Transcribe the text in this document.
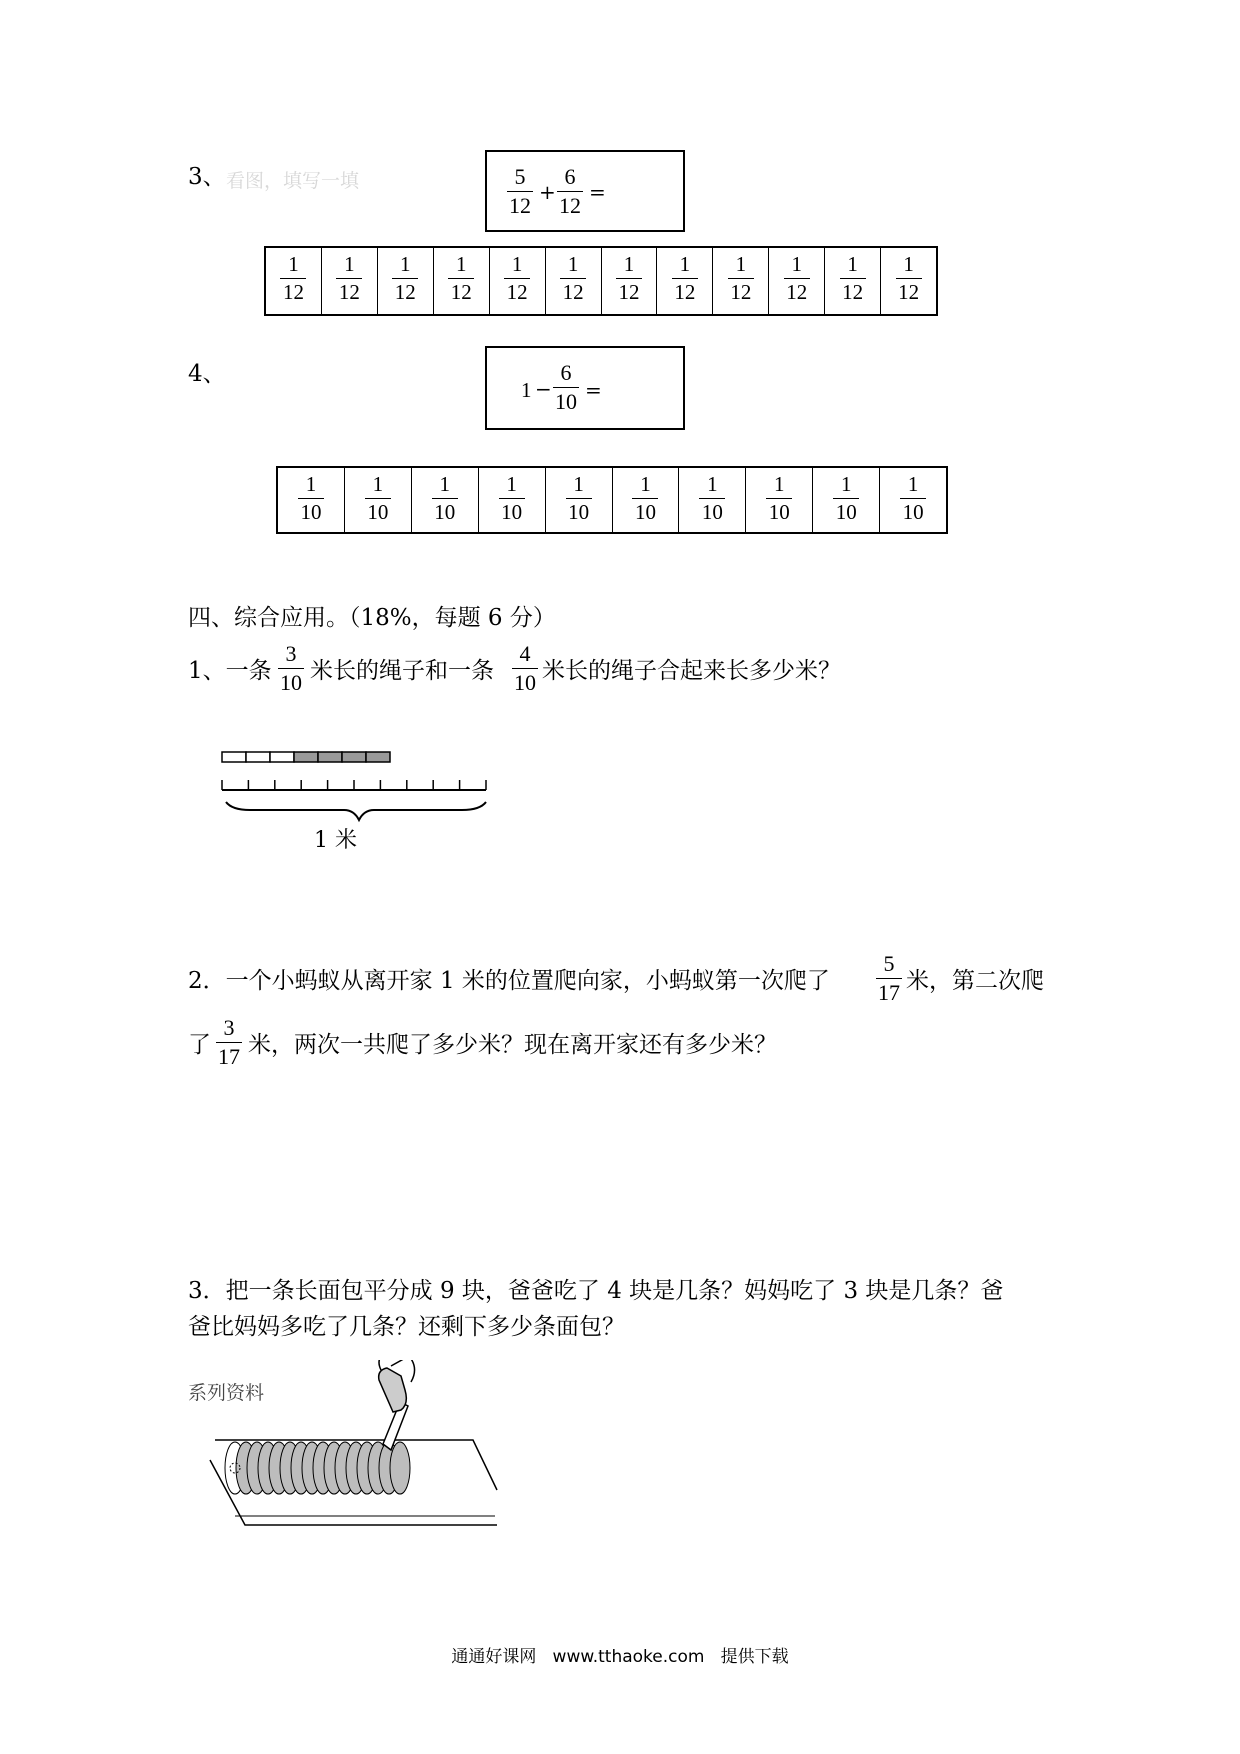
3、 看图，填写一填	5
12
+
6
12
=
1
12
1
12
1
12
1
12
1
12
1
12
1
12
1
12
1
12
1
12
1
12
1
12
4、
1 −
6
10 =
1
10
1
10
1
10
1
10
1
10
1
10
1
10
1
10
1
10
1
10
四、综合应用。（18%，每题 6 分）
1、一条
3
10 米长的绳子和一条
4
10 米长的绳子合起来长多少米？
1 米
2．一个小蚂蚁从离开家 1 米的位置爬向家，小蚂蚁第一次爬了
5
17 米，第二次爬
了
3
17 米，两次一共爬了多少米？现在离开家还有多少米？
3．把一条长面包平分成 9 块，爸爸吃了 4 块是几条？妈妈吃了 3 块是几条？爸
爸比妈妈多吃了几条？还剩下多少条面包？
系列资料
通通好课网   www.tthaoke.com   提供下载
